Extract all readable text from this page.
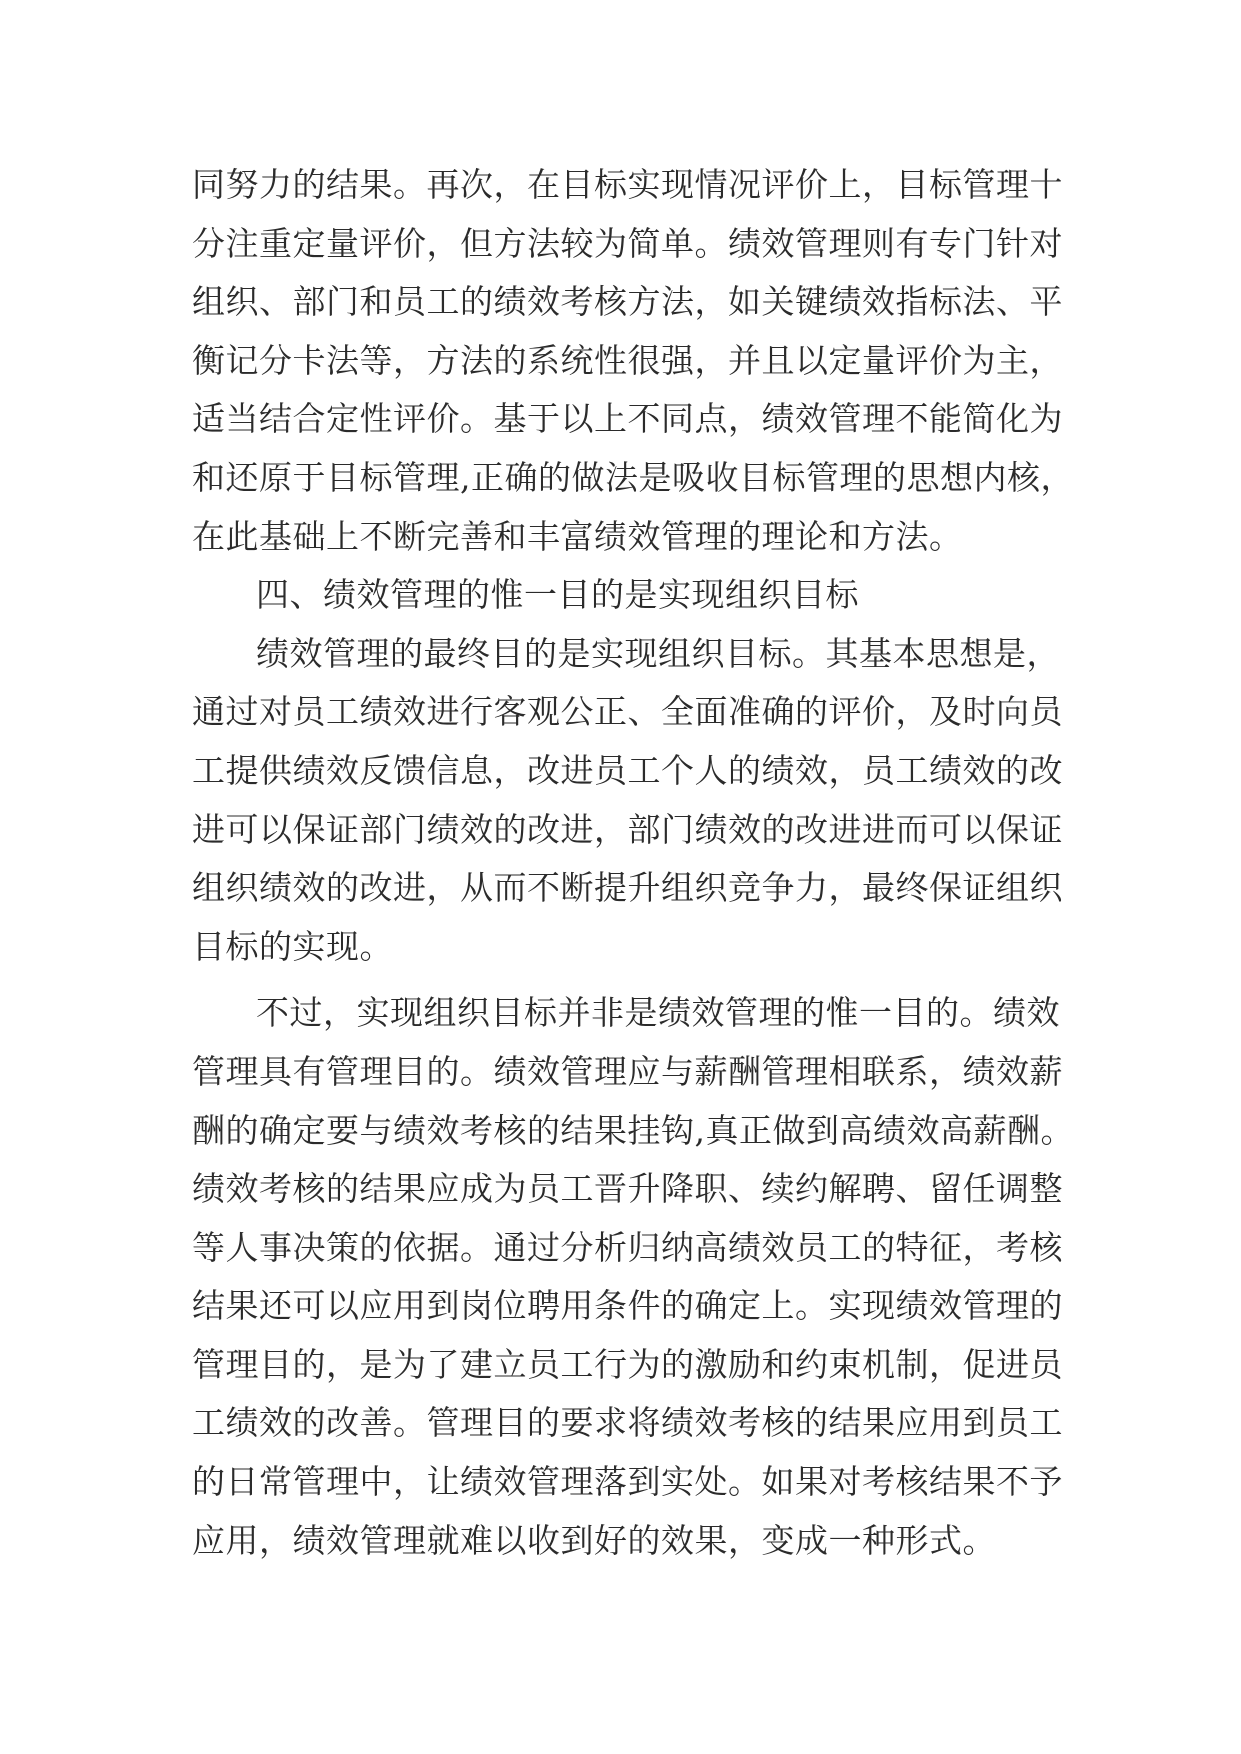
同努力的结果。再次，在目标实现情况评价上，目标管理十
分注重定量评价，但方法较为简单。绩效管理则有专门针对
组织、部门和员工的绩效考核方法，如关键绩效指标法、平
衡记分卡法等，方法的系统性很强，并且以定量评价为主，
适当结合定性评价。基于以上不同点，绩效管理不能简化为
和还原于目标管理,正确的做法是吸收目标管理的思想内核，
在此基础上不断完善和丰富绩效管理的理论和方法。

四、绩效管理的惟一目的是实现组织目标

绩效管理的最终目的是实现组织目标。其基本思想是，
通过对员工绩效进行客观公正、全面准确的评价，及时向员
工提供绩效反馈信息，改进员工个人的绩效，员工绩效的改
进可以保证部门绩效的改进，部门绩效的改进进而可以保证
组织绩效的改进，从而不断提升组织竞争力，最终保证组织
目标的实现。

不过，实现组织目标并非是绩效管理的惟一目的。绩效
管理具有管理目的。绩效管理应与薪酬管理相联系，绩效薪
酬的确定要与绩效考核的结果挂钩,真正做到高绩效高薪酬。
绩效考核的结果应成为员工晋升降职、续约解聘、留任调整
等人事决策的依据。通过分析归纳高绩效员工的特征，考核
结果还可以应用到岗位聘用条件的确定上。实现绩效管理的
管理目的，是为了建立员工行为的激励和约束机制，促进员
工绩效的改善。管理目的要求将绩效考核的结果应用到员工
的日常管理中，让绩效管理落到实处。如果对考核结果不予
应用，绩效管理就难以收到好的效果，变成一种形式。
